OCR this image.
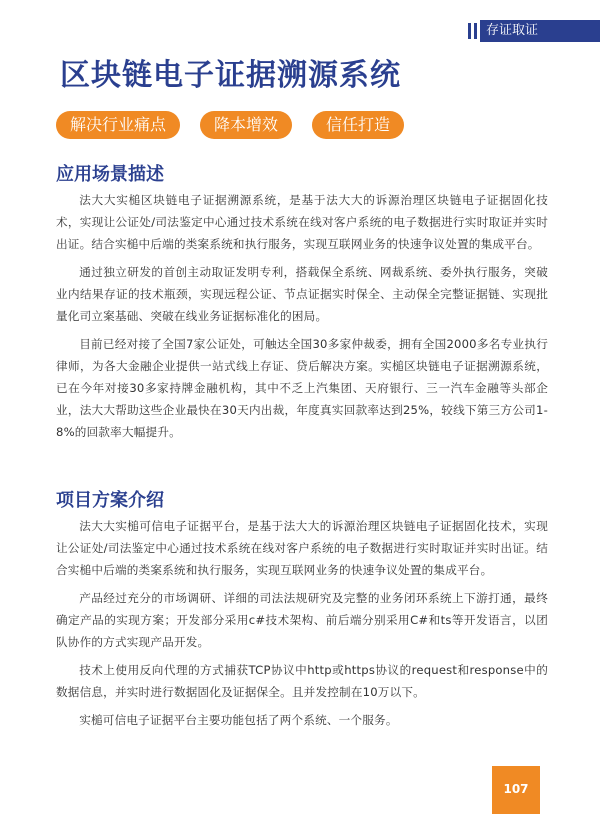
存证取证
区块链电子证据溯源系统
解决行业痛点	降本增效	信任打造
应用场景描述

法大大实槌区块链电子证据溯源系统，是基于法大大的诉源治理区块链电子证据固化技术，实现让公证处/司法鉴定中心通过技术系统在线对客户系统的电子数据进行实时取证并实时出证。结合实槌中后端的类案系统和执行服务，实现互联网业务的快速争议处置的集成平台。

通过独立研发的首创主动取证发明专利，搭载保全系统、网裁系统、委外执行服务，突破业内结果存证的技术瓶颈，实现远程公证、节点证据实时保全、主动保全完整证据链、实现批量化司立案基础、突破在线业务证据标准化的困局。

目前已经对接了全国7家公证处，可触达全国30多家仲裁委，拥有全国2000多名专业执行律师，为各大金融企业提供一站式线上存证、贷后解决方案。实槌区块链电子证据溯源系统，已在今年对接30多家持牌金融机构，其中不乏上汽集团、天府银行、三一汽车金融等头部企业，法大大帮助这些企业最快在30天内出裁，年度真实回款率达到25%，较线下第三方公司1-8%的回款率大幅提升。

项目方案介绍

法大大实槌可信电子证据平台，是基于法大大的诉源治理区块链电子证据固化技术，实现让公证处/司法鉴定中心通过技术系统在线对客户系统的电子数据进行实时取证并实时出证。结合实槌中后端的类案系统和执行服务，实现互联网业务的快速争议处置的集成平台。

产品经过充分的市场调研、详细的司法法规研究及完整的业务闭环系统上下游打通，最终确定产品的实现方案；开发部分采用c#技术架构、前后端分别采用C#和ts等开发语言，以团队协作的方式实现产品开发。

技术上使用反向代理的方式捕获TCP协议中http或https协议的request和response中的数据信息，并实时进行数据固化及证据保全。且并发控制在10万以下。

实槌可信电子证据平台主要功能包括了两个系统、一个服务。

107
